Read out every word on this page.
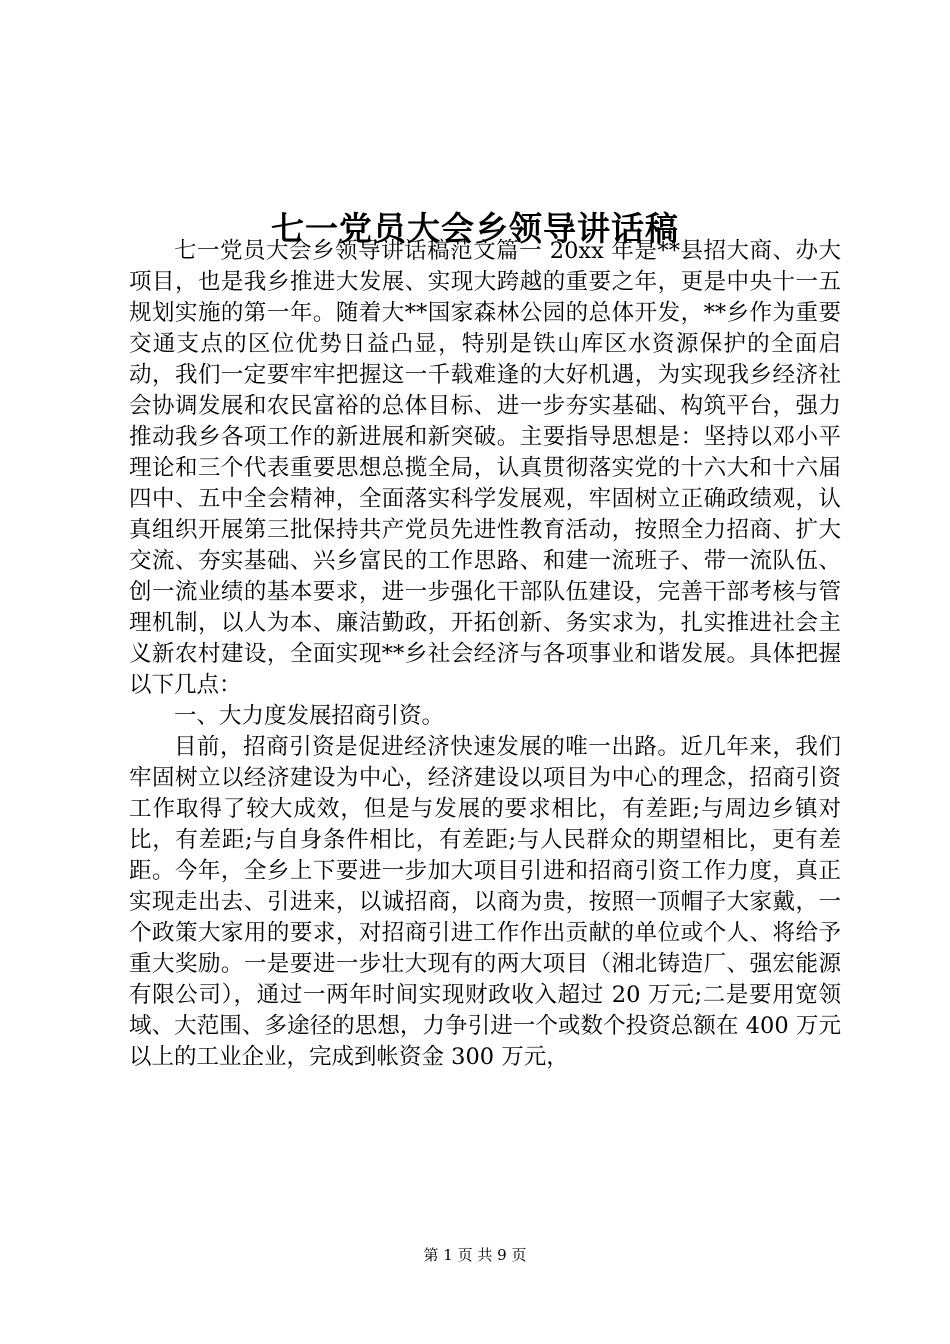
七一党员大会乡领导讲话稿

七一党员大会乡领导讲话稿范文篇一 20xx 年是**县招大商、办大项目，也是我乡推进大发展、实现大跨越的重要之年，更是中央十一五规划实施的第一年。随着大**国家森林公园的总体开发，**乡作为重要交通支点的区位优势日益凸显，特别是铁山库区水资源保护的全面启动，我们一定要牢牢把握这一千载难逢的大好机遇，为实现我乡经济社会协调发展和农民富裕的总体目标、进一步夯实基础、构筑平台，强力推动我乡各项工作的新进展和新突破。主要指导思想是：坚持以邓小平理论和三个代表重要思想总揽全局，认真贯彻落实党的十六大和十六届四中、五中全会精神，全面落实科学发展观，牢固树立正确政绩观，认真组织开展第三批保持共产党员先进性教育活动，按照全力招商、扩大交流、夯实基础、兴乡富民的工作思路、和建一流班子、带一流队伍、创一流业绩的基本要求，进一步强化干部队伍建设，完善干部考核与管理机制，以人为本、廉洁勤政，开拓创新、务实求为，扎实推进社会主义新农村建设，全面实现**乡社会经济与各项事业和谐发展。具体把握以下几点：

一、大力度发展招商引资。

目前，招商引资是促进经济快速发展的唯一出路。近几年来，我们牢固树立以经济建设为中心，经济建设以项目为中心的理念，招商引资工作取得了较大成效，但是与发展的要求相比，有差距;与周边乡镇对比，有差距;与自身条件相比，有差距;与人民群众的期望相比，更有差距。今年，全乡上下要进一步加大项目引进和招商引资工作力度，真正实现走出去、引进来，以诚招商，以商为贵，按照一顶帽子大家戴，一个政策大家用的要求，对招商引进工作作出贡献的单位或个人、将给予重大奖励。一是要进一步壮大现有的两大项目（湘北铸造厂、强宏能源有限公司），通过一两年时间实现财政收入超过 20 万元;二是要用宽领域、大范围、多途径的思想，力争引进一个或数个投资总额在 400 万元以上的工业企业，完成到帐资金 300 万元，

第 1 页 共 9 页
